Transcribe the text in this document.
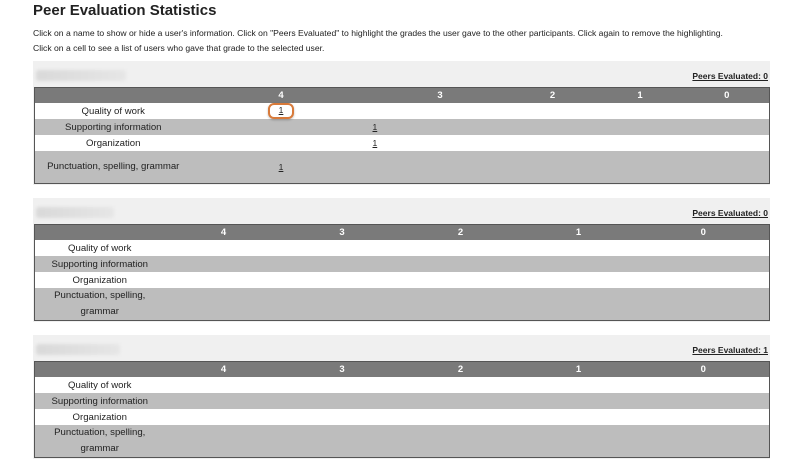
Peer Evaluation Statistics
Click on a name to show or hide a user's information. Click on "Peers Evaluated" to highlight the grades the user gave to the other participants. Click again to remove the highlighting.
Click on a cell to see a list of users who gave that grade to the selected user.
Peers Evaluated: 0
	4	3	2	1	0
Quality of work	1				
Supporting information		1			
Organization		1			
Punctuation, spelling, grammar	1				
Peers Evaluated: 0
	4	3	2	1	0
Quality of work					
Supporting information					
Organization					
Punctuation, spelling, grammar					
Peers Evaluated: 1
	4	3	2	1	0
Quality of work					
Supporting information					
Organization					
Punctuation, spelling, grammar					
